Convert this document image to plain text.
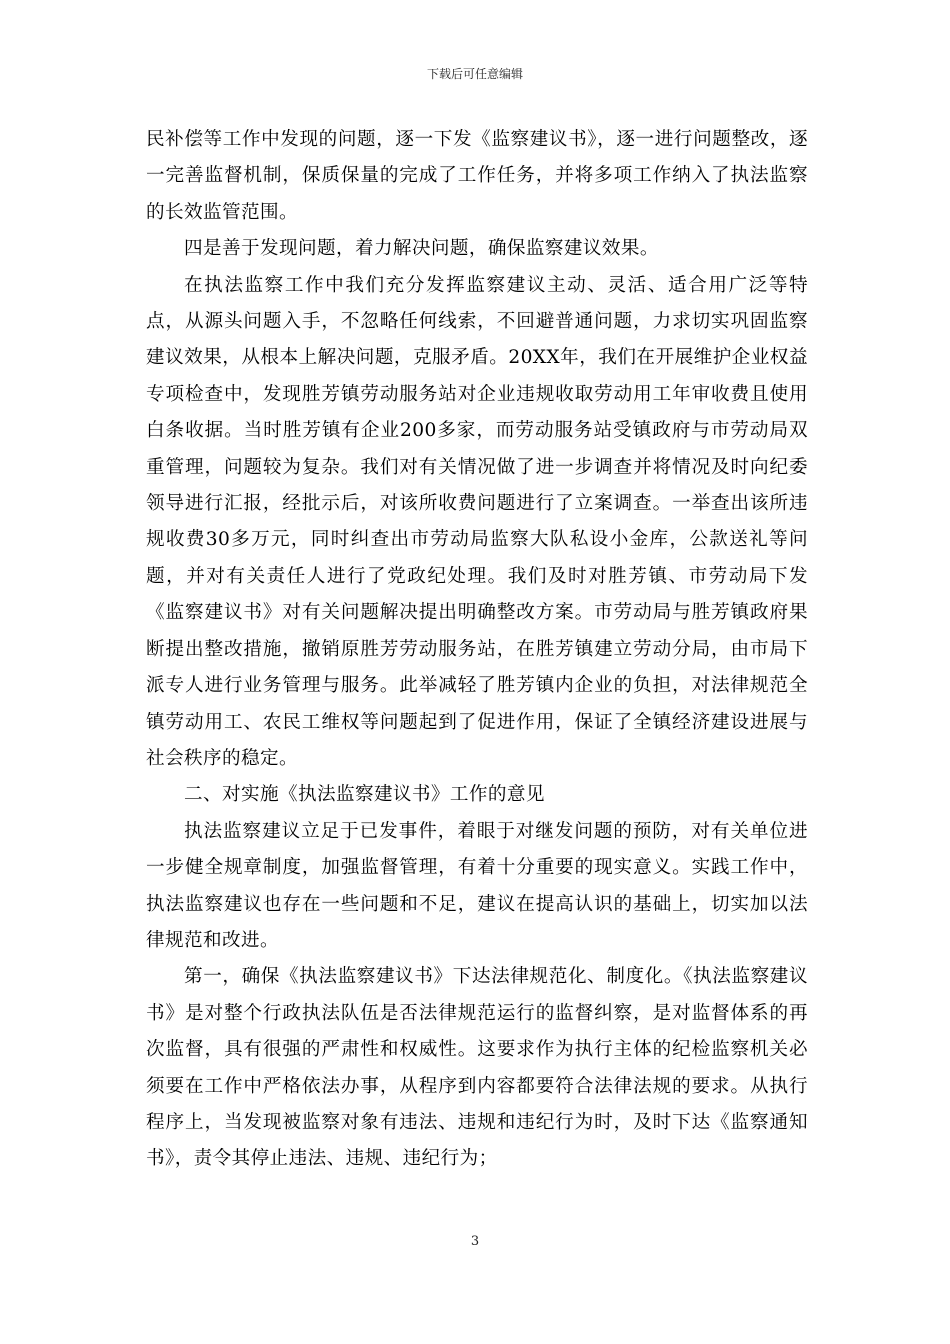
下载后可任意编辑

民补偿等工作中发现的问题，逐一下发《监察建议书》，逐一进行问题整改，逐一完善监督机制，保质保量的完成了工作任务，并将多项工作纳入了执法监察的长效监管范围。

四是善于发现问题，着力解决问题，确保监察建议效果。

在执法监察工作中我们充分发挥监察建议主动、灵活、适合用广泛等特点，从源头问题入手，不忽略任何线索，不回避普通问题，力求切实巩固监察建议效果，从根本上解决问题，克服矛盾。20XX年，我们在开展维护企业权益专项检查中，发现胜芳镇劳动服务站对企业违规收取劳动用工年审收费且使用白条收据。当时胜芳镇有企业200多家，而劳动服务站受镇政府与市劳动局双重管理，问题较为复杂。我们对有关情况做了进一步调查并将情况及时向纪委领导进行汇报，经批示后，对该所收费问题进行了立案调查。一举查出该所违规收费30多万元，同时纠查出市劳动局监察大队私设小金库，公款送礼等问题，并对有关责任人进行了党政纪处理。我们及时对胜芳镇、市劳动局下发《监察建议书》对有关问题解决提出明确整改方案。市劳动局与胜芳镇政府果断提出整改措施，撤销原胜芳劳动服务站，在胜芳镇建立劳动分局，由市局下派专人进行业务管理与服务。此举减轻了胜芳镇内企业的负担，对法律规范全镇劳动用工、农民工维权等问题起到了促进作用，保证了全镇经济建设进展与社会秩序的稳定。

二、对实施《执法监察建议书》工作的意见

执法监察建议立足于已发事件，着眼于对继发问题的预防，对有关单位进一步健全规章制度，加强监督管理，有着十分重要的现实意义。实践工作中，执法监察建议也存在一些问题和不足，建议在提高认识的基础上，切实加以法律规范和改进。

第一，确保《执法监察建议书》下达法律规范化、制度化。《执法监察建议书》是对整个行政执法队伍是否法律规范运行的监督纠察，是对监督体系的再次监督，具有很强的严肃性和权威性。这要求作为执行主体的纪检监察机关必须要在工作中严格依法办事，从程序到内容都要符合法律法规的要求。从执行程序上，当发现被监察对象有违法、违规和违纪行为时，及时下达《监察通知书》，责令其停止违法、违规、违纪行为；

3
